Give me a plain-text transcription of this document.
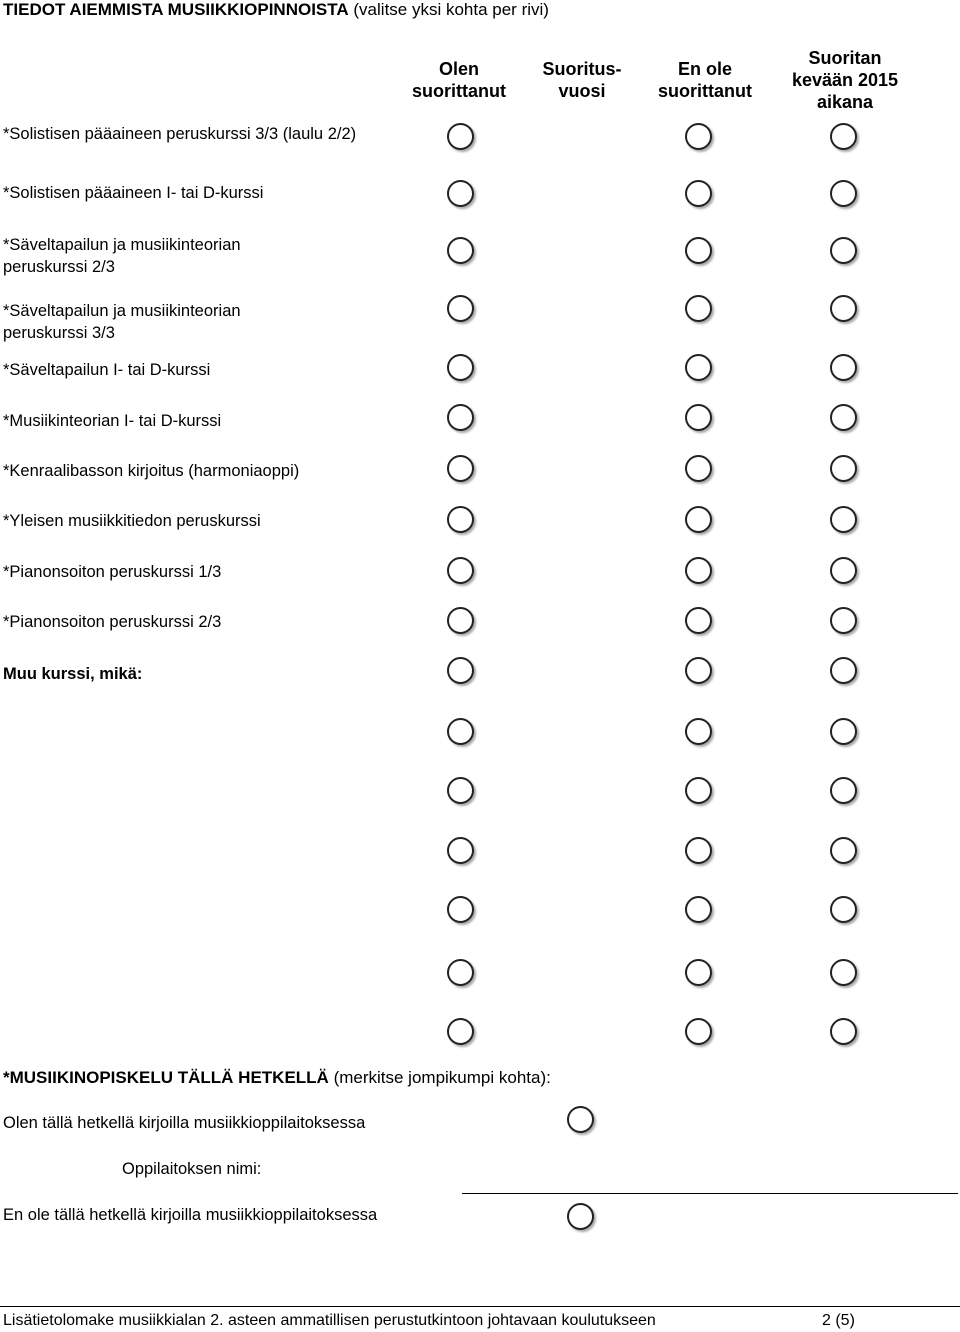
TIEDOT AIEMMISTA MUSIIKKIOPINNOISTA (valitse yksi kohta per rivi)
Olen
suorittanut
Suoritus-
vuosi
En ole
suorittanut
Suoritan
kevään 2015
aikana
*Solistisen pääaineen peruskurssi 3/3 (laulu 2/2)
*Solistisen pääaineen I- tai D-kurssi
*Säveltapailun ja musiikinteorian peruskurssi 2/3
*Säveltapailun ja musiikinteorian peruskurssi 3/3
*Säveltapailun I- tai D-kurssi
*Musiikinteorian I- tai D-kurssi
*Kenraalibasson kirjoitus (harmoniaoppi)
*Yleisen musiikkitiedon peruskurssi
*Pianonsoiton peruskurssi 1/3
*Pianonsoiton peruskurssi 2/3
Muu kurssi, mikä:
*MUSIIKINOPISKELU TÄLLÄ HETKELLÄ (merkitse jompikumpi kohta):
Olen tällä hetkellä kirjoilla musiikkioppilaitoksessa
Oppilaitoksen nimi:
En ole tällä hetkellä kirjoilla musiikkioppilaitoksessa
Lisätietolomake musiikkialan 2. asteen ammatillisen perustutkintoon johtavaan koulutukseen	2 (5)
